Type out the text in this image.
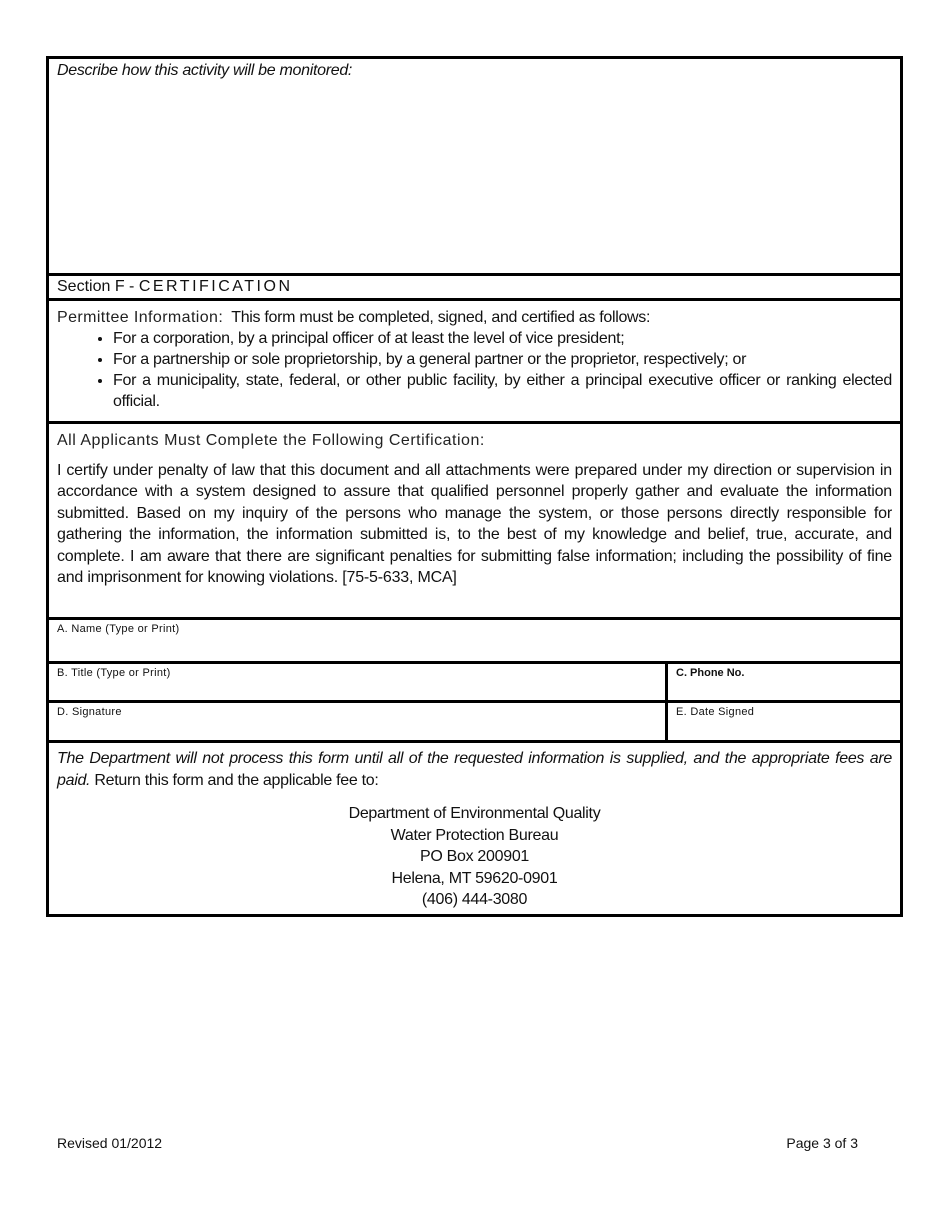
Describe how this activity will be monitored:
Section F - CERTIFICATION
Permittee Information: This form must be completed, signed, and certified as follows:
• For a corporation, by a principal officer of at least the level of vice president;
• For a partnership or sole proprietorship, by a general partner or the proprietor, respectively; or
• For a municipality, state, federal, or other public facility, by either a principal executive officer or ranking elected official.
All Applicants Must Complete the Following Certification:
I certify under penalty of law that this document and all attachments were prepared under my direction or supervision in accordance with a system designed to assure that qualified personnel properly gather and evaluate the information submitted. Based on my inquiry of the persons who manage the system, or those persons directly responsible for gathering the information, the information submitted is, to the best of my knowledge and belief, true, accurate, and complete. I am aware that there are significant penalties for submitting false information; including the possibility of fine and imprisonment for knowing violations. [75-5-633, MCA]
A. Name (Type or Print)
B. Title (Type or Print)	C. Phone No.
D. Signature	E. Date Signed
The Department will not process this form until all of the requested information is supplied, and the appropriate fees are paid. Return this form and the applicable fee to:
Department of Environmental Quality
Water Protection Bureau
PO Box 200901
Helena, MT 59620-0901
(406) 444-3080
Revised 01/2012	Page 3 of 3
